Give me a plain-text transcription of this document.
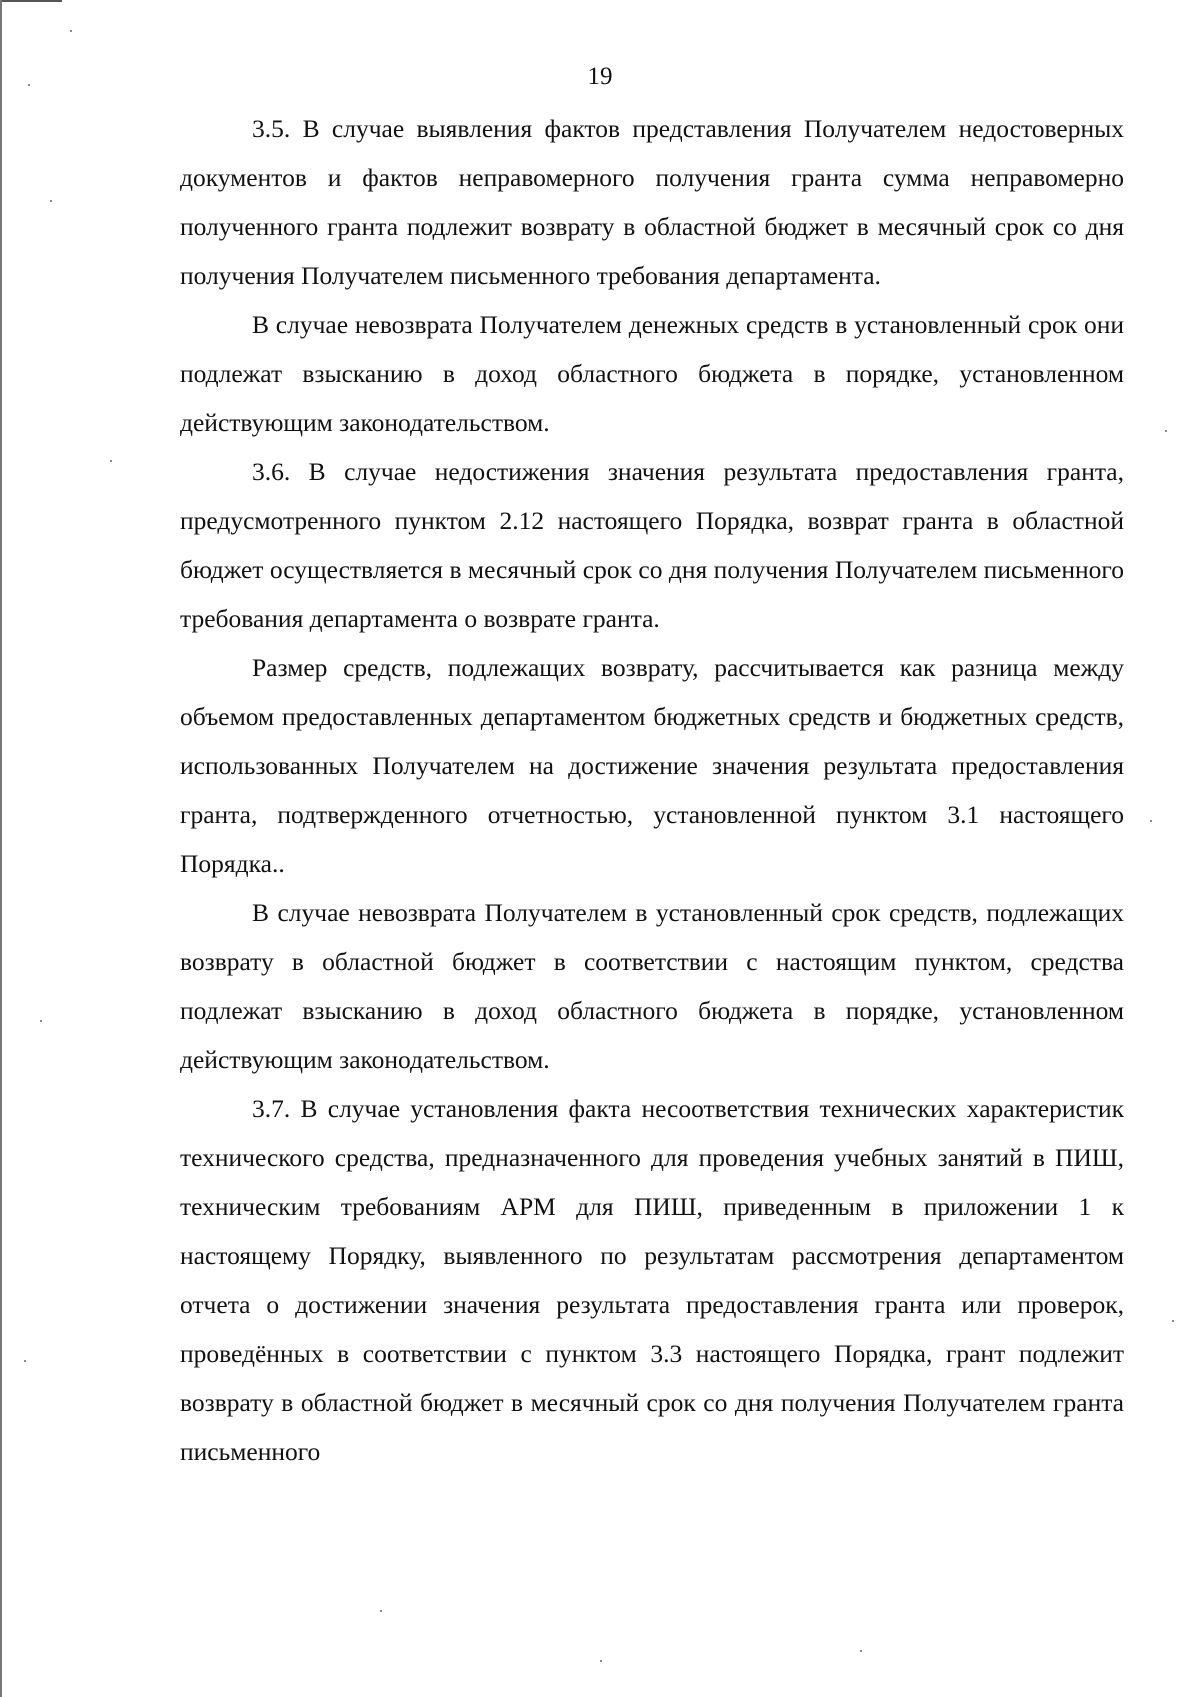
19

3.5. В случае выявления фактов представления Получателем недостоверных документов и фактов неправомерного получения гранта сумма неправомерно полученного гранта подлежит возврату в областной бюджет в месячный срок со дня получения Получателем письменного требования департамента.

В случае невозврата Получателем денежных средств в установленный срок они подлежат взысканию в доход областного бюджета в порядке, установленном действующим законодательством.

3.6. В случае недостижения значения результата предоставления гранта, предусмотренного пунктом 2.12 настоящего Порядка, возврат гранта в областной бюджет осуществляется в месячный срок со дня получения Получателем письменного требования департамента о возврате гранта.

Размер средств, подлежащих возврату, рассчитывается как разница между объемом предоставленных департаментом бюджетных средств и бюджетных средств, использованных Получателем на достижение значения результата предоставления гранта, подтвержденного отчетностью, установленной пунктом 3.1 настоящего Порядка..

В случае невозврата Получателем в установленный срок средств, подлежащих возврату в областной бюджет в соответствии с настоящим пунктом, средства подлежат взысканию в доход областного бюджета в порядке, установленном действующим законодательством.

3.7. В случае установления факта несоответствия технических характеристик технического средства, предназначенного для проведения учебных занятий в ПИШ, техническим требованиям АРМ для ПИШ, приведенным в приложении 1 к настоящему Порядку, выявленного по результатам рассмотрения департаментом отчета о достижении значения результата предоставления гранта или проверок, проведённых в соответствии с пунктом 3.3 настоящего Порядка, грант подлежит возврату в областной бюджет в месячный срок со дня получения Получателем гранта письменного
